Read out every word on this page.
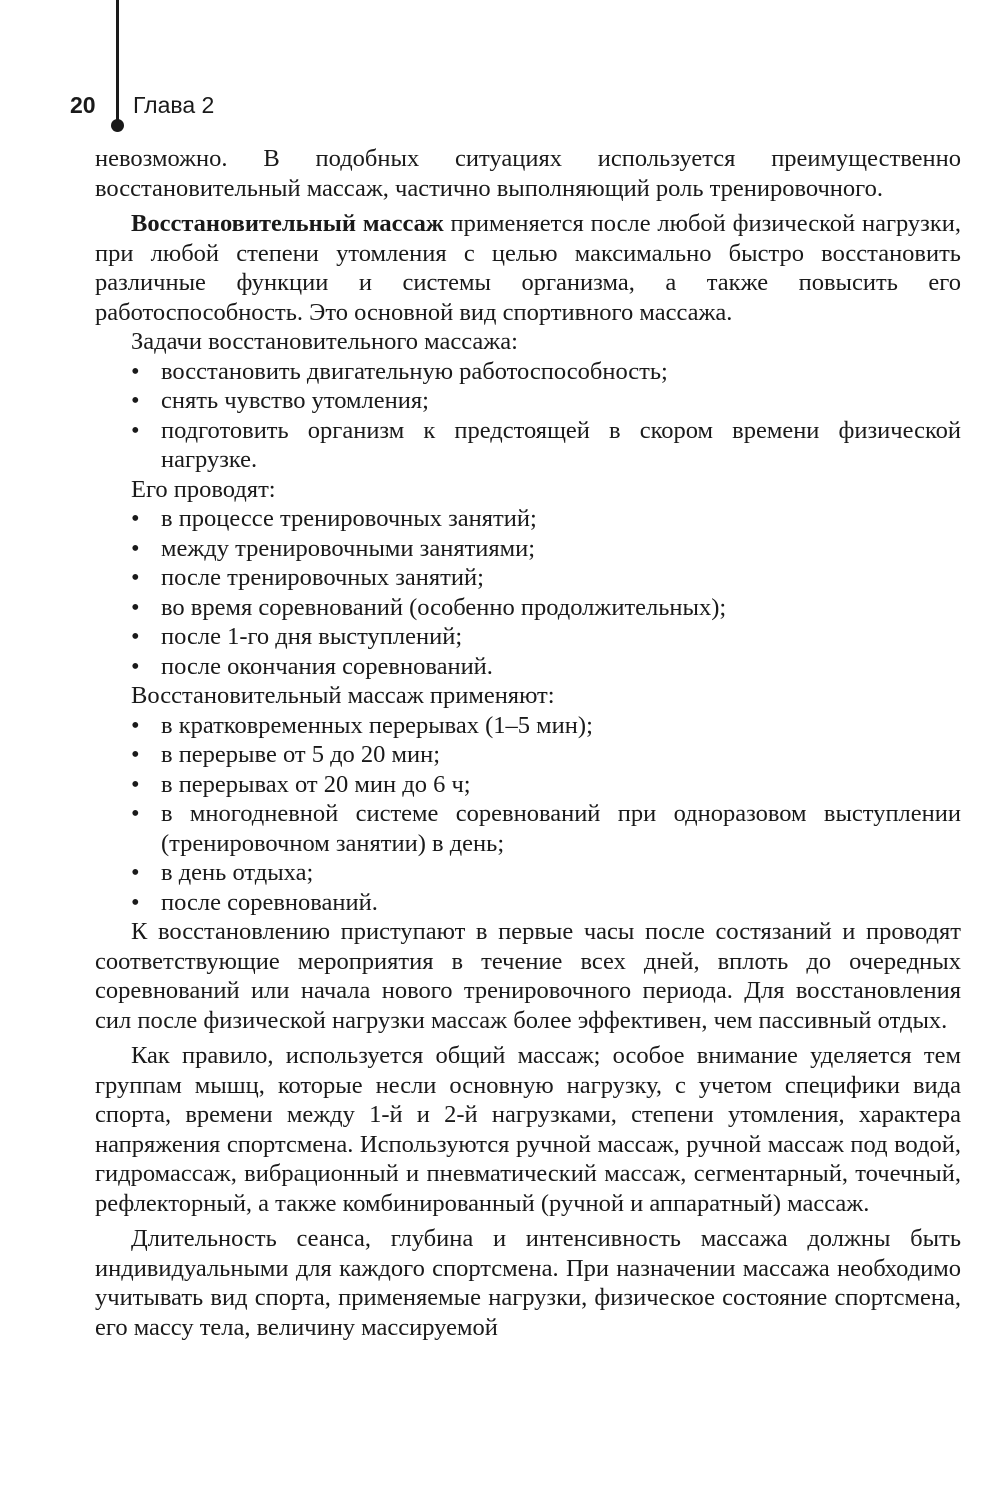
20 Глава 2

невозможно. В подобных ситуациях используется преимущественно восстановительный массаж, частично выполняющий роль тренировочного.

Восстановительный массаж применяется после любой физической нагрузки, при любой степени утомления с целью максимально быстро восстановить различные функции и системы организма, а также повысить его работоспособность. Это основной вид спортивного массажа.

Задачи восстановительного массажа:

• восстановить двигательную работоспособность;
• снять чувство утомления;
• подготовить организм к предстоящей в скором времени физической нагрузке.

Его проводят:

• в процессе тренировочных занятий;
• между тренировочными занятиями;
• после тренировочных занятий;
• во время соревнований (особенно продолжительных);
• после 1-го дня выступлений;
• после окончания соревнований.

Восстановительный массаж применяют:

• в кратковременных перерывах (1–5 мин);
• в перерыве от 5 до 20 мин;
• в перерывах от 20 мин до 6 ч;
• в многодневной системе соревнований при одноразовом выступлении (тренировочном занятии) в день;
• в день отдыха;
• после соревнований.

К восстановлению приступают в первые часы после состязаний и проводят соответствующие мероприятия в течение всех дней, вплоть до очередных соревнований или начала нового тренировочного периода. Для восстановления сил после физической нагрузки массаж более эффективен, чем пассивный отдых.

Как правило, используется общий массаж; особое внимание уделяется тем группам мышц, которые несли основную нагрузку, с учетом специфики вида спорта, времени между 1-й и 2-й нагрузками, степени утомления, характера напряжения спортсмена. Используются ручной массаж, ручной массаж под водой, гидромассаж, вибрационный и пневматический массаж, сегментарный, точечный, рефлекторный, а также комбинированный (ручной и аппаратный) массаж.

Длительность сеанса, глубина и интенсивность массажа должны быть индивидуальными для каждого спортсмена. При назначении массажа необходимо учитывать вид спорта, применяемые нагрузки, физическое состояние спортсмена, его массу тела, величину массируемой
